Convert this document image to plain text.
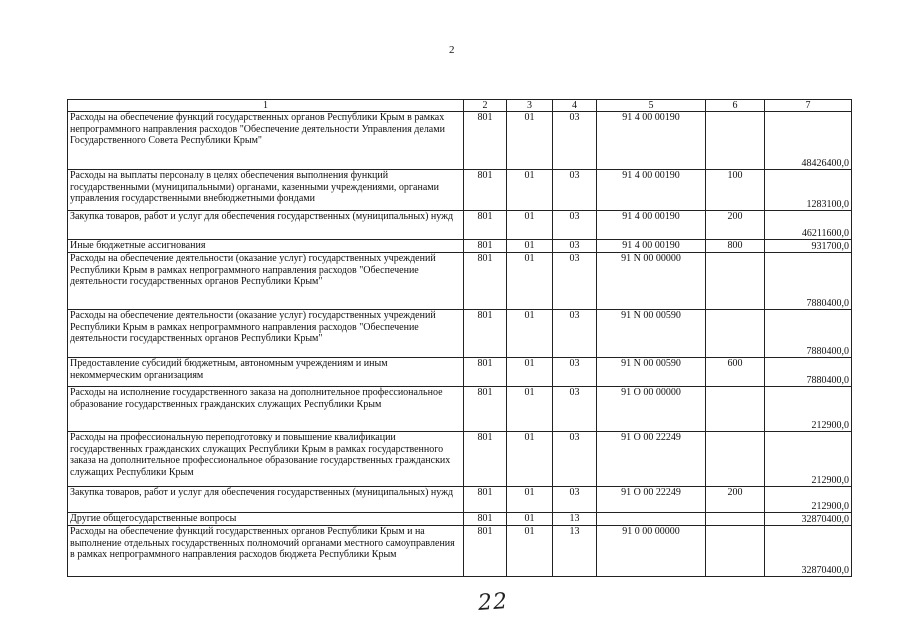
2
1	2	3	4	5	6	7
Расходы на обеспечение функций государственных органов Республики Крым в рамках непрограммного направления расходов "Обеспечение деятельности Управления делами Государственного Совета Республики Крым"	801	01	03	91 4 00 00190		48426400,0
Расходы на выплаты персоналу в целях обеспечения выполнения функций государственными (муниципальными) органами, казенными учреждениями, органами управления государственными внебюджетными фондами	801	01	03	91 4 00 00190	100	1283100,0
Закупка товаров, работ и услуг для обеспечения государственных (муниципальных) нужд	801	01	03	91 4 00 00190	200	46211600,0
Иные бюджетные ассигнования	801	01	03	91 4 00 00190	800	931700,0
Расходы на обеспечение деятельности (оказание услуг) государственных учреждений Республики Крым в рамках непрограммного направления расходов "Обеспечение деятельности государственных органов Республики Крым"	801	01	03	91 N 00 00000		7880400,0
Расходы на обеспечение деятельности (оказание услуг) государственных учреждений Республики Крым в рамках непрограммного направления расходов "Обеспечение деятельности государственных органов Республики Крым"	801	01	03	91 N 00 00590		7880400,0
Предоставление субсидий бюджетным, автономным учреждениям и иным некоммерческим организациям	801	01	03	91 N 00 00590	600	7880400,0
Расходы на исполнение государственного заказа на дополнительное профессиональное образование государственных гражданских служащих Республики Крым	801	01	03	91 О 00 00000		212900,0
Расходы на профессиональную переподготовку и повышение квалификации государственных гражданских служащих Республики Крым в рамках государственного заказа на дополнительное профессиональное образование государственных гражданских служащих Республики Крым	801	01	03	91 О 00 22249		212900,0
Закупка товаров, работ и услуг для обеспечения государственных (муниципальных) нужд	801	01	03	91 О 00 22249	200	212900,0
Другие общегосударственные вопросы	801	01	13			32870400,0
Расходы на обеспечение функций государственных органов Республики Крым и на выполнение отдельных государственных полномочий органами местного самоуправления в рамках непрограммного направления расходов бюджета Республики Крым	801	01	13	91 0 00 00000		32870400,0
22
